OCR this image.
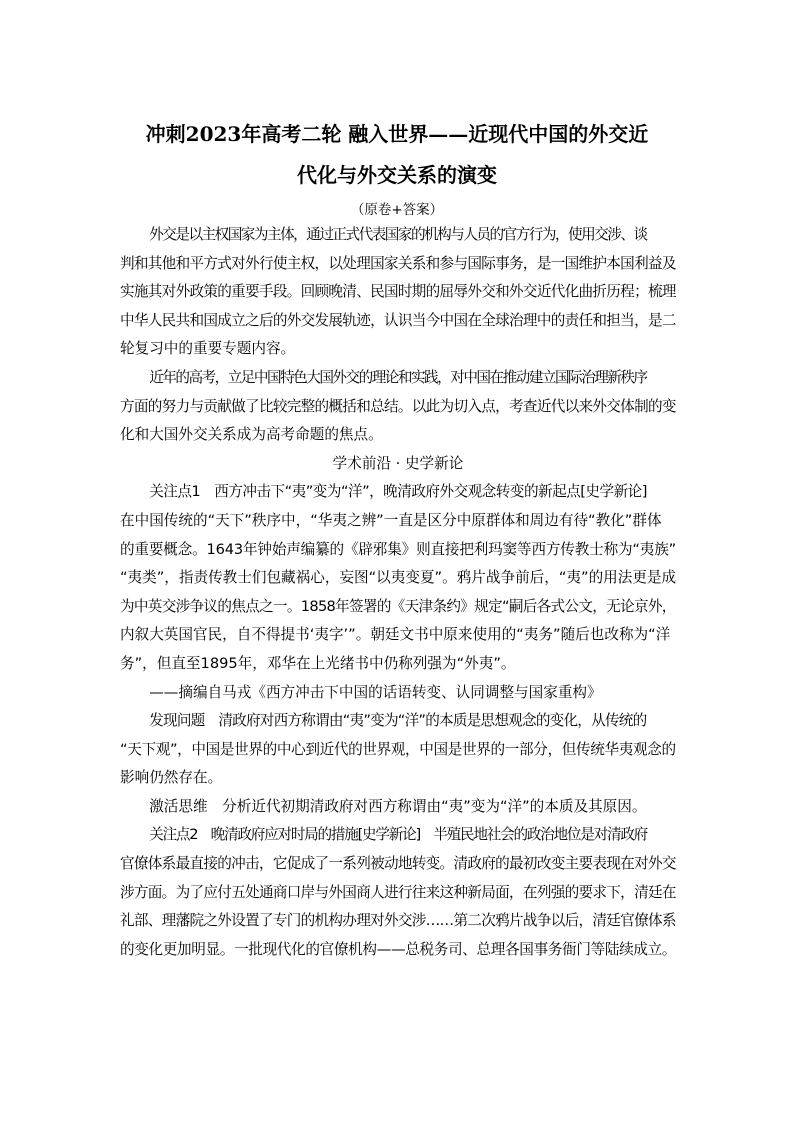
冲刺2023年高考二轮 融入世界——近现代中国的外交近
代化与外交关系的演变
（原卷+答案）

外交是以主权国家为主体，通过正式代表国家的机构与人员的官方行为，使用交涉、谈

判和其他和平方式对外行使主权，以处理国家关系和参与国际事务，是一国维护本国利益及
实施其对外政策的重要手段。回顾晚清、民国时期的屈辱外交和外交近代化曲折历程；梳理
中华人民共和国成立之后的外交发展轨迹，认识当今中国在全球治理中的责任和担当，是二
轮复习中的重要专题内容。

近年的高考，立足中国特色大国外交的理论和实践，对中国在推动建立国际治理新秩序

方面的努力与贡献做了比较完整的概括和总结。以此为切入点，考查近代以来外交体制的变
化和大国外交关系成为高考命题的焦点。

学术前沿 · 史学新论

关注点1　西方冲击下“夷”变为“洋”，晚清政府外交观念转变的新起点[史学新论]

在中国传统的“天下”秩序中，“华夷之辨”一直是区分中原群体和周边有待“教化”群体
的重要概念。1643年钟始声编纂的《辟邪集》则直接把利玛窦等西方传教士称为“夷族”
“夷类”，指责传教士们包藏祸心，妄图“以夷变夏”。鸦片战争前后，“夷”的用法更是成
为中英交涉争议的焦点之一。1858年签署的《天津条约》规定“嗣后各式公文，无论京外，
内叙大英国官民，自不得提书‘夷字’”。朝廷文书中原来使用的“夷务”随后也改称为“洋
务”，但直至1895年，邓华在上光绪书中仍称列强为“外夷”。

——摘编自马戎《西方冲击下中国的话语转变、认同调整与国家重构》

发现问题　清政府对西方称谓由“夷”变为“洋”的本质是思想观念的变化，从传统的

“天下观”，中国是世界的中心到近代的世界观，中国是世界的一部分，但传统华夷观念的
影响仍然存在。

激活思维　分析近代初期清政府对西方称谓由“夷”变为“洋”的本质及其原因。

关注点2　晚清政府应对时局的措施[史学新论]　半殖民地社会的政治地位是对清政府

官僚体系最直接的冲击，它促成了一系列被动地转变。清政府的最初改变主要表现在对外交
涉方面。为了应付五处通商口岸与外国商人进行往来这种新局面，在列强的要求下，清廷在
礼部、理藩院之外设置了专门的机构办理对外交涉……第二次鸦片战争以后，清廷官僚体系
的变化更加明显。一批现代化的官僚机构——总税务司、总理各国事务衙门等陆续成立。
